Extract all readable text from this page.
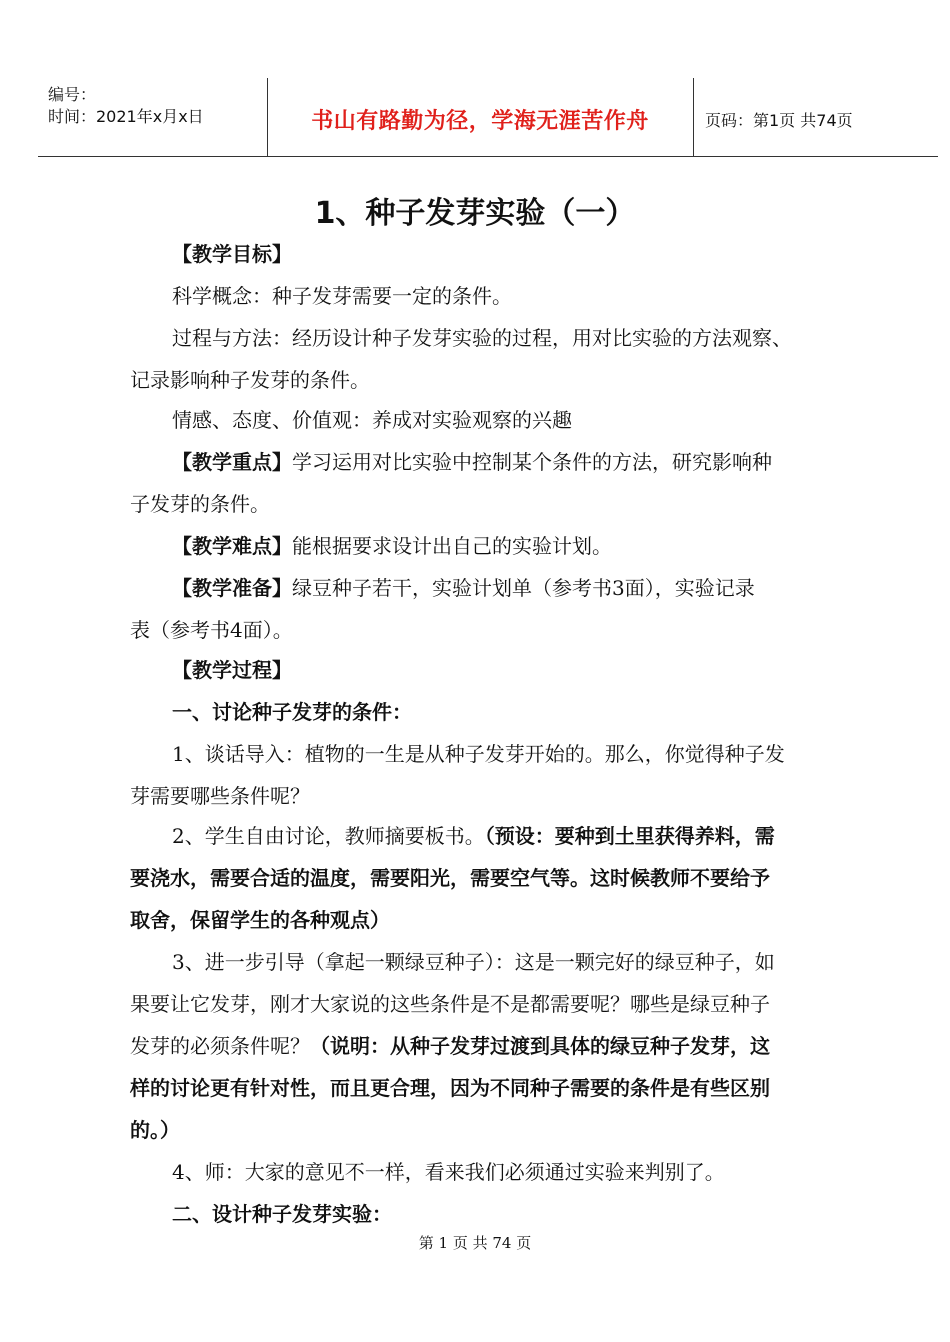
编号：
时间：2021年x月x日	书山有路勤为径，学海无涯苦作舟	页码：第1页 共74页
1、种子发芽实验（一）
【教学目标】
科学概念：种子发芽需要一定的条件。
过程与方法：经历设计种子发芽实验的过程，用对比实验的方法观察、
记录影响种子发芽的条件。
情感、态度、价值观：养成对实验观察的兴趣
【教学重点】学习运用对比实验中控制某个条件的方法，研究影响种
子发芽的条件。
【教学难点】能根据要求设计出自己的实验计划。
【教学准备】绿豆种子若干，实验计划单（参考书3面），实验记录
表（参考书4面）。
【教学过程】
一、讨论种子发芽的条件：
1、谈话导入：植物的一生是从种子发芽开始的。那么，你觉得种子发
芽需要哪些条件呢？
2、学生自由讨论，教师摘要板书。（预设：要种到土里获得养料，需
要浇水，需要合适的温度，需要阳光，需要空气等。这时候教师不要给予
取舍，保留学生的各种观点）
3、进一步引导（拿起一颗绿豆种子）：这是一颗完好的绿豆种子，如
果要让它发芽，刚才大家说的这些条件是不是都需要呢？哪些是绿豆种子
发芽的必须条件呢？（说明：从种子发芽过渡到具体的绿豆种子发芽，这
样的讨论更有针对性，而且更合理，因为不同种子需要的条件是有些区别
的。）
4、师：大家的意见不一样，看来我们必须通过实验来判别了。
二、设计种子发芽实验：
第 1 页 共 74 页
